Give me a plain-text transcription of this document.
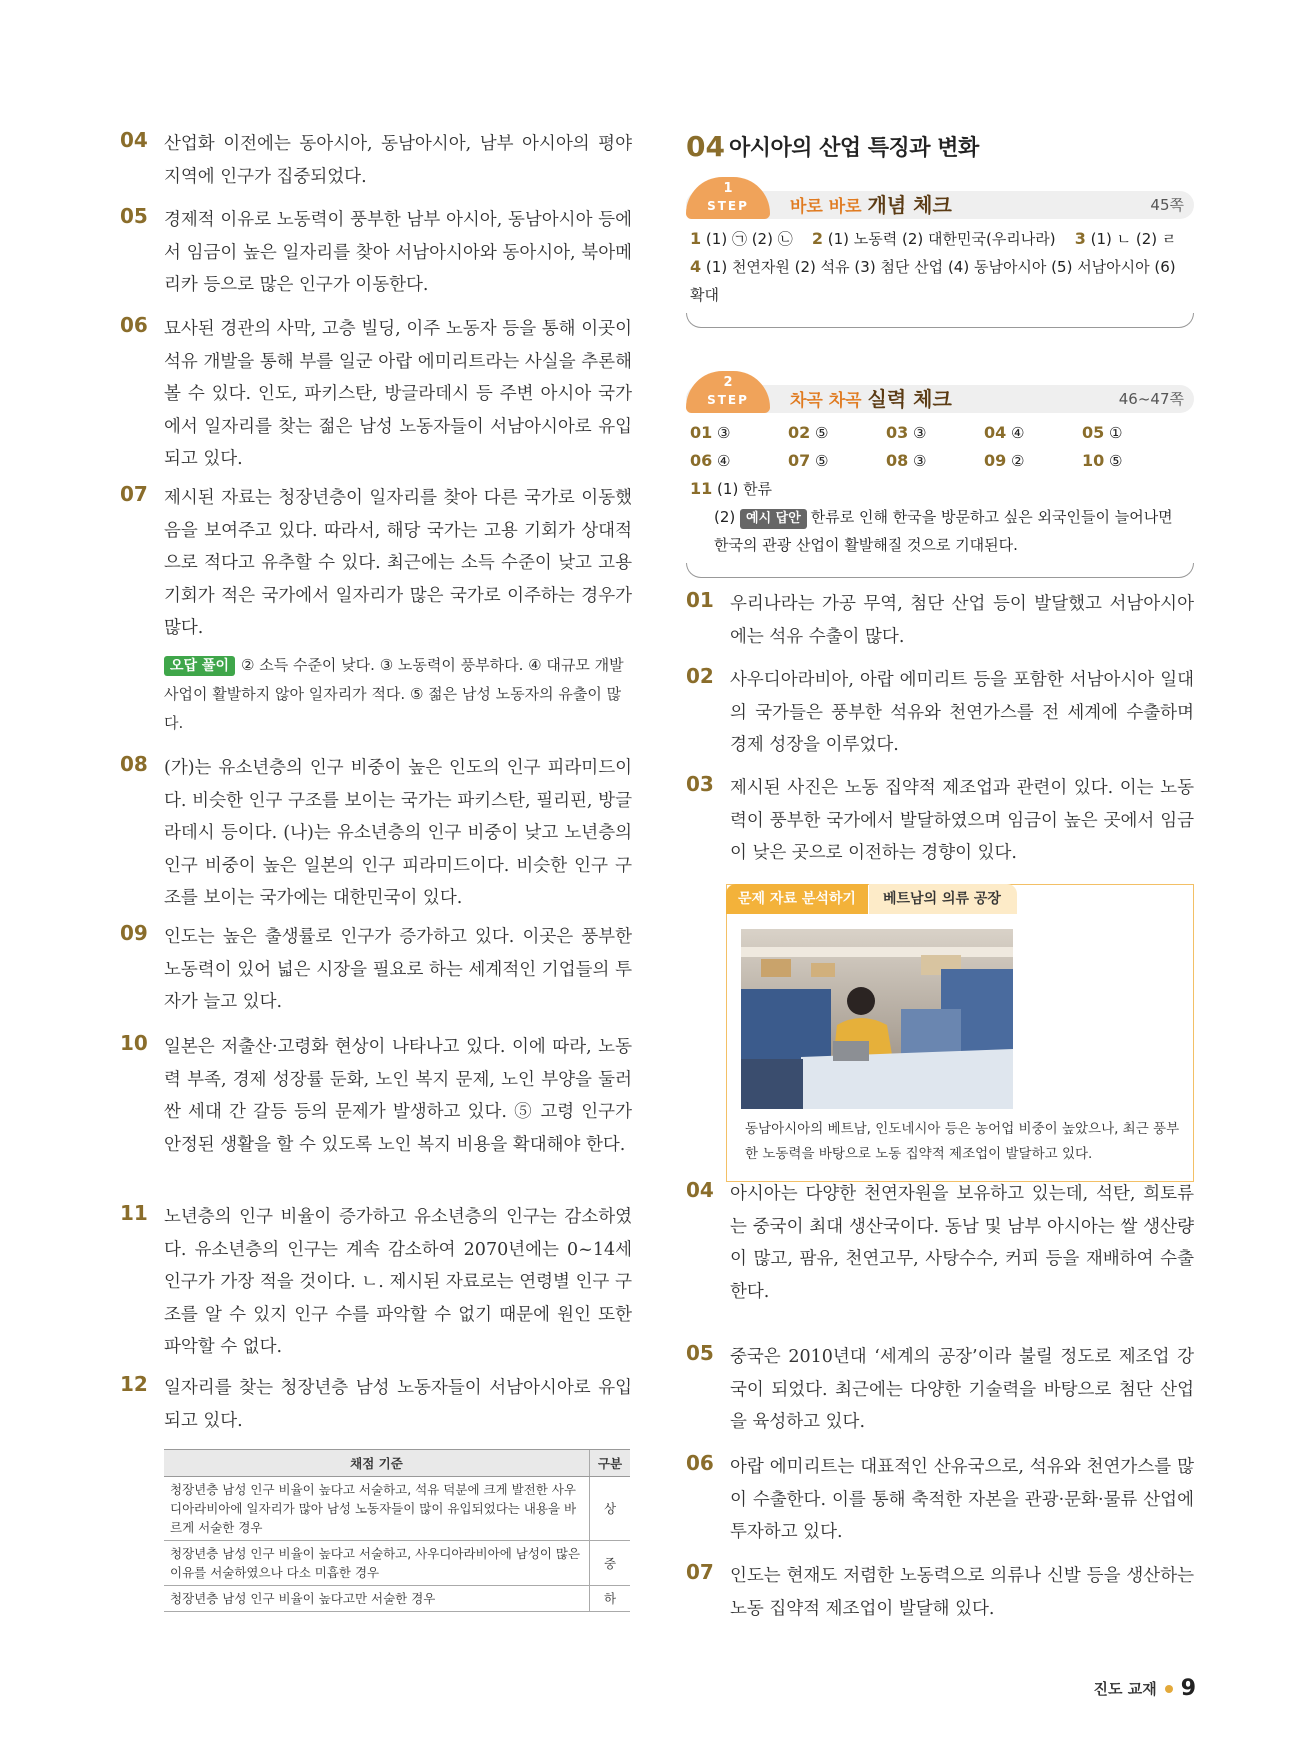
04 산업화 이전에는 동아시아, 동남아시아, 남부 아시아의 평야 지역에 인구가 집중되었다.
05 경제적 이유로 노동력이 풍부한 남부 아시아, 동남아시아 등에서 임금이 높은 일자리를 찾아 서남아시아와 동아시아, 북아메리카 등으로 많은 인구가 이동한다.
06 묘사된 경관의 사막, 고층 빌딩, 이주 노동자 등을 통해 이곳이 석유 개발을 통해 부를 일군 아랍 에미리트라는 사실을 추론해 볼 수 있다. 인도, 파키스탄, 방글라데시 등 주변 아시아 국가에서 일자리를 찾는 젊은 남성 노동자들이 서남아시아로 유입되고 있다.
07 제시된 자료는 청장년층이 일자리를 찾아 다른 국가로 이동했음을 보여주고 있다. 따라서, 해당 국가는 고용 기회가 상대적으로 적다고 유추할 수 있다. 최근에는 소득 수준이 낮고 고용 기회가 적은 국가에서 일자리가 많은 국가로 이주하는 경우가 많다.
오답 풀이 ② 소득 수준이 낮다. ③ 노동력이 풍부하다. ④ 대규모 개발 사업이 활발하지 않아 일자리가 적다. ⑤ 젊은 남성 노동자의 유출이 많다.
08 (가)는 유소년층의 인구 비중이 높은 인도의 인구 피라미드이다. 비슷한 인구 구조를 보이는 국가는 파키스탄, 필리핀, 방글라데시 등이다. (나)는 유소년층의 인구 비중이 낮고 노년층의 인구 비중이 높은 일본의 인구 피라미드이다. 비슷한 인구 구조를 보이는 국가에는 대한민국이 있다.
09 인도는 높은 출생률로 인구가 증가하고 있다. 이곳은 풍부한 노동력이 있어 넓은 시장을 필요로 하는 세계적인 기업들의 투자가 늘고 있다.
10 일본은 저출산·고령화 현상이 나타나고 있다. 이에 따라, 노동력 부족, 경제 성장률 둔화, 노인 복지 문제, 노인 부양을 둘러싼 세대 간 갈등 등의 문제가 발생하고 있다. ⑤ 고령 인구가 안정된 생활을 할 수 있도록 노인 복지 비용을 확대해야 한다.
11 노년층의 인구 비율이 증가하고 유소년층의 인구는 감소하였다. 유소년층의 인구는 계속 감소하여 2070년에는 0~14세 인구가 가장 적을 것이다. ㄴ. 제시된 자료로는 연령별 인구 구조를 알 수 있지 인구 수를 파악할 수 없기 때문에 원인 또한 파악할 수 없다.
12 일자리를 찾는 청장년층 남성 노동자들이 서남아시아로 유입되고 있다.
채점 기준	구분
청장년층 남성 인구 비율이 높다고 서술하고, 석유 덕분에 크게 발전한 사우디아라비아에 일자리가 많아 남성 노동자들이 많이 유입되었다는 내용을 바르게 서술한 경우	상
청장년층 남성 인구 비율이 높다고 서술하고, 사우디아라비아에 남성이 많은 이유를 서술하였으나 다소 미흡한 경우	중
청장년층 남성 인구 비율이 높다고만 서술한 경우	하
04 아시아의 산업 특징과 변화
1
STEP	바로 바로 개념 체크	45쪽
1 (1) ㉠ (2) ㉡ 2 (1) 노동력 (2) 대한민국(우리나라) 3 (1) ㄴ (2) ㄹ
4 (1) 천연자원 (2) 석유 (3) 첨단 산업 (4) 동남아시아 (5) 서남아시아 (6) 확대
2
STEP	차곡 차곡 실력 체크	46~47쪽
01 ③	02 ⑤	03 ③	04 ④	05 ①
06 ④	07 ⑤	08 ③	09 ②	10 ⑤
11 (1) 한류
(2) 예시 답안 한류로 인해 한국을 방문하고 싶은 외국인들이 늘어나면 한국의 관광 산업이 활발해질 것으로 기대된다.
01 우리나라는 가공 무역, 첨단 산업 등이 발달했고 서남아시아에는 석유 수출이 많다.
02 사우디아라비아, 아랍 에미리트 등을 포함한 서남아시아 일대의 국가들은 풍부한 석유와 천연가스를 전 세계에 수출하며 경제 성장을 이루었다.
03 제시된 사진은 노동 집약적 제조업과 관련이 있다. 이는 노동력이 풍부한 국가에서 발달하였으며 임금이 높은 곳에서 임금이 낮은 곳으로 이전하는 경향이 있다.
문제 자료 분석하기	베트남의 의류 공장
동남아시아의 베트남, 인도네시아 등은 농어업 비중이 높았으나, 최근 풍부한 노동력을 바탕으로 노동 집약적 제조업이 발달하고 있다.
04 아시아는 다양한 천연자원을 보유하고 있는데, 석탄, 희토류는 중국이 최대 생산국이다. 동남 및 남부 아시아는 쌀 생산량이 많고, 팜유, 천연고무, 사탕수수, 커피 등을 재배하여 수출한다.
05 중국은 2010년대 ‘세계의 공장’이라 불릴 정도로 제조업 강국이 되었다. 최근에는 다양한 기술력을 바탕으로 첨단 산업을 육성하고 있다.
06 아랍 에미리트는 대표적인 산유국으로, 석유와 천연가스를 많이 수출한다. 이를 통해 축적한 자본을 관광·문화·물류 산업에 투자하고 있다.
07 인도는 현재도 저렴한 노동력으로 의류나 신발 등을 생산하는 노동 집약적 제조업이 발달해 있다.
진도 교재 9
